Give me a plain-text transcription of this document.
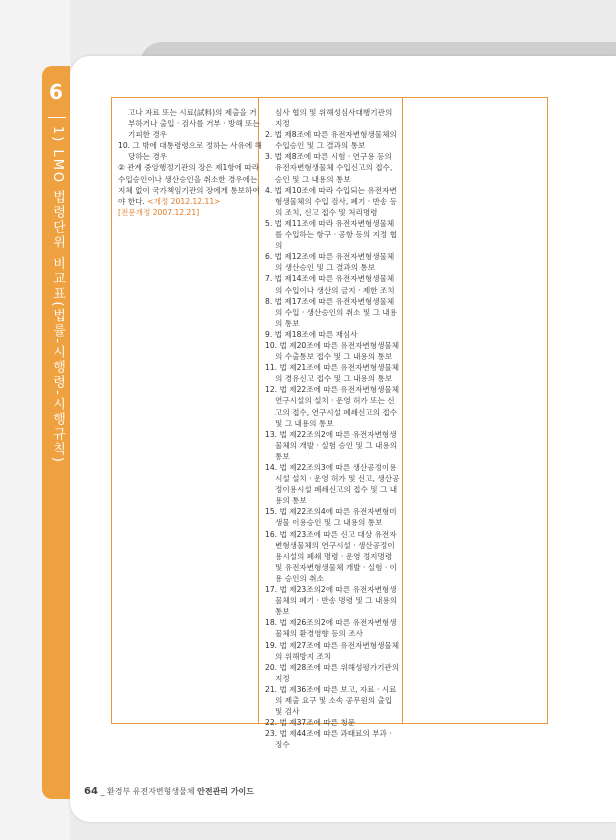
6
1) LMO 법령단위 비교표(법률-시행령-시행규칙)
고나 자료 또는 시료(試料)의 제출을 거부하거나 출입 · 검사를 거부 · 방해 또는 기피한 경우
10. 그 밖에 대통령령으로 정하는 사유에 해당하는 경우
② 관계 중앙행정기관의 장은 제1항에 따라 수입승인이나 생산승인을 취소한 경우에는 지체 없이 국가책임기관의 장에게 통보하여야 한다. <개정 2012.12.11>
[전문개정 2007.12.21]
심사 협의 및 위해성심사대행기관의 지정
2. 법 제8조에 따른 유전자변형생물체의 수입승인 및 그 결과의 통보
3. 법 제8조에 따른 시험 · 연구용 등의 유전자변형생물체 수입신고의 접수, 승인 및 그 내용의 통보
4. 법 제10조에 따라 수입되는 유전자변형생물체의 수입 검사, 폐기 · 반송 등의 조치, 신고 접수 및 처리명령
5. 법 제11조에 따라 유전자변형생물체를 수입하는 항구 · 공항 등의 지정 협의
6. 법 제12조에 따른 유전자변형생물체의 생산승인 및 그 결과의 통보
7. 법 제14조에 따른 유전자변형생물체의 수입이나 생산의 금지 · 제한 조치
8. 법 제17조에 따른 유전자변형생물체의 수입 · 생산승인의 취소 및 그 내용의 통보
9. 법 제18조에 따른 재심사
10. 법 제20조에 따른 유전자변형생물체의 수출통보 접수 및 그 내용의 통보
11. 법 제21조에 따른 유전자변형생물체의 경유신고 접수 및 그 내용의 통보
12. 법 제22조에 따른 유전자변형생물체 연구시설의 설치 · 운영 허가 또는 신고의 접수, 연구시설 폐쇄신고의 접수 및 그 내용의 통보
13. 법 제22조의2에 따른 유전자변형생물체의 개발 · 실험 승인 및 그 내용의 통보
14. 법 제22조의3에 따른 생산공정이용시설 설치 · 운영 허가 및 신고, 생산공정이용시설 폐쇄신고의 접수 및 그 내용의 통보
15. 법 제22조의4에 따른 유전자변형미생물 이용승인 및 그 내용의 통보
16. 법 제23조에 따른 신고 대상 유전자변형생물체의 연구시설 · 생산공정이용시설의 폐쇄 명령 · 운영 정지명령 및 유전자변형생물체 개발 · 실험 · 이용 승인의 취소
17. 법 제23조의2에 따른 유전자변형생물체의 폐기 · 반송 명령 및 그 내용의 통보
18. 법 제26조의2에 따른 유전자변형생물체의 환경영향 등의 조사
19. 법 제27조에 따른 유전자변형생물체의 위해방지 조치
20. 법 제28조에 따른 위해성평가기관의 지정
21. 법 제36조에 따른 보고, 자료 · 시료의 제출 요구 및 소속 공무원의 출입 및 검사
22. 법 제37조에 따른 청문
23. 법 제44조에 따른 과태료의 부과 · 징수
64 _ 환경부 유전자변형생물체 안전관리 가이드
